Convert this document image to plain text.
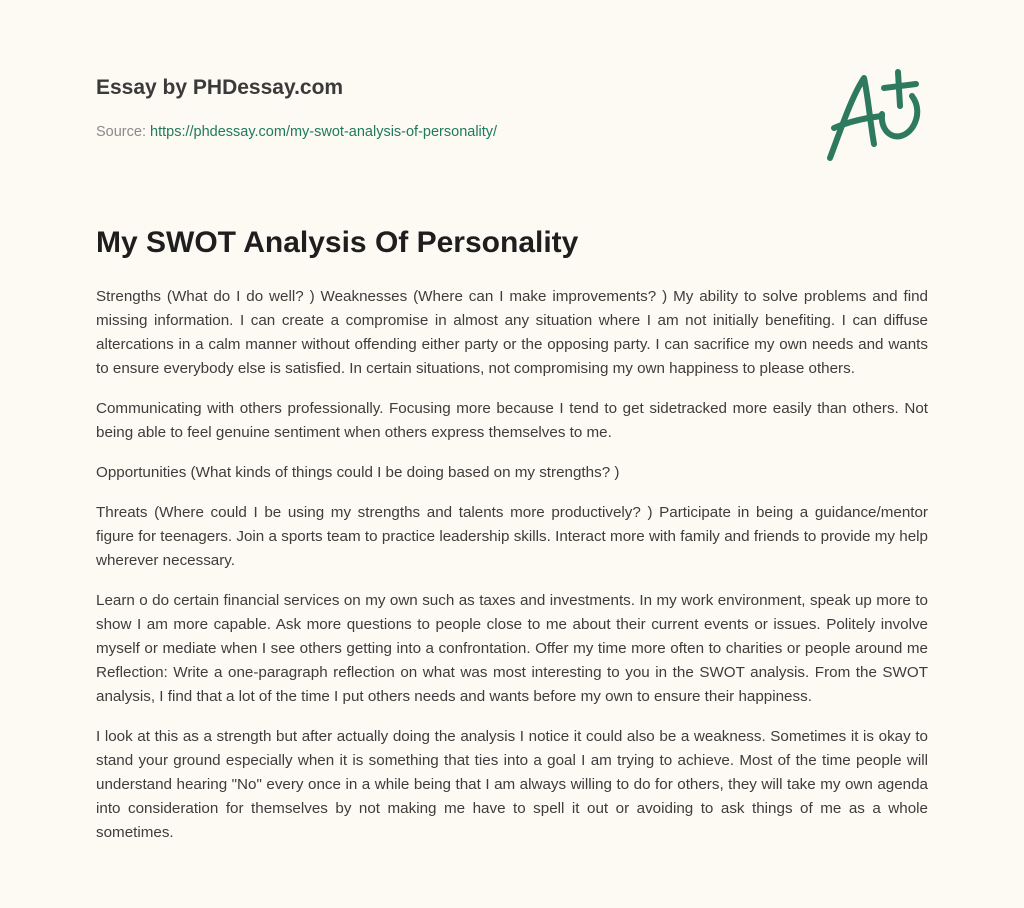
Essay by PHDessay.com
Source: https://phdessay.com/my-swot-analysis-of-personality/
My SWOT Analysis Of Personality

Strengths (What do I do well? ) Weaknesses (Where can I make improvements? ) My ability to solve problems and find missing information. I can create a compromise in almost any situation where I am not initially benefiting. I can diffuse altercations in a calm manner without offending either party or the opposing party. I can sacrifice my own needs and wants to ensure everybody else is satisfied. In certain situations, not compromising my own happiness to please others.

Communicating with others professionally. Focusing more because I tend to get sidetracked more easily than others. Not being able to feel genuine sentiment when others express themselves to me.

Opportunities (What kinds of things could I be doing based on my strengths? )

Threats (Where could I be using my strengths and talents more productively? ) Participate in being a guidance/mentor figure for teenagers. Join a sports team to practice leadership skills. Interact more with family and friends to provide my help wherever necessary.

Learn o do certain financial services on my own such as taxes and investments. In my work environment, speak up more to show I am more capable. Ask more questions to people close to me about their current events or issues. Politely involve myself or mediate when I see others getting into a confrontation. Offer my time more often to charities or people around me Reflection: Write a one-paragraph reflection on what was most interesting to you in the SWOT analysis. From the SWOT analysis, I find that a lot of the time I put others needs and wants before my own to ensure their happiness.

I look at this as a strength but after actually doing the analysis I notice it could also be a weakness. Sometimes it is okay to stand your ground especially when it is something that ties into a goal I am trying to achieve. Most of the time people will understand hearing "No" every once in a while being that I am always willing to do for others, they will take my own agenda into consideration for themselves by not making me have to spell it out or avoiding to ask things of me as a whole sometimes.
